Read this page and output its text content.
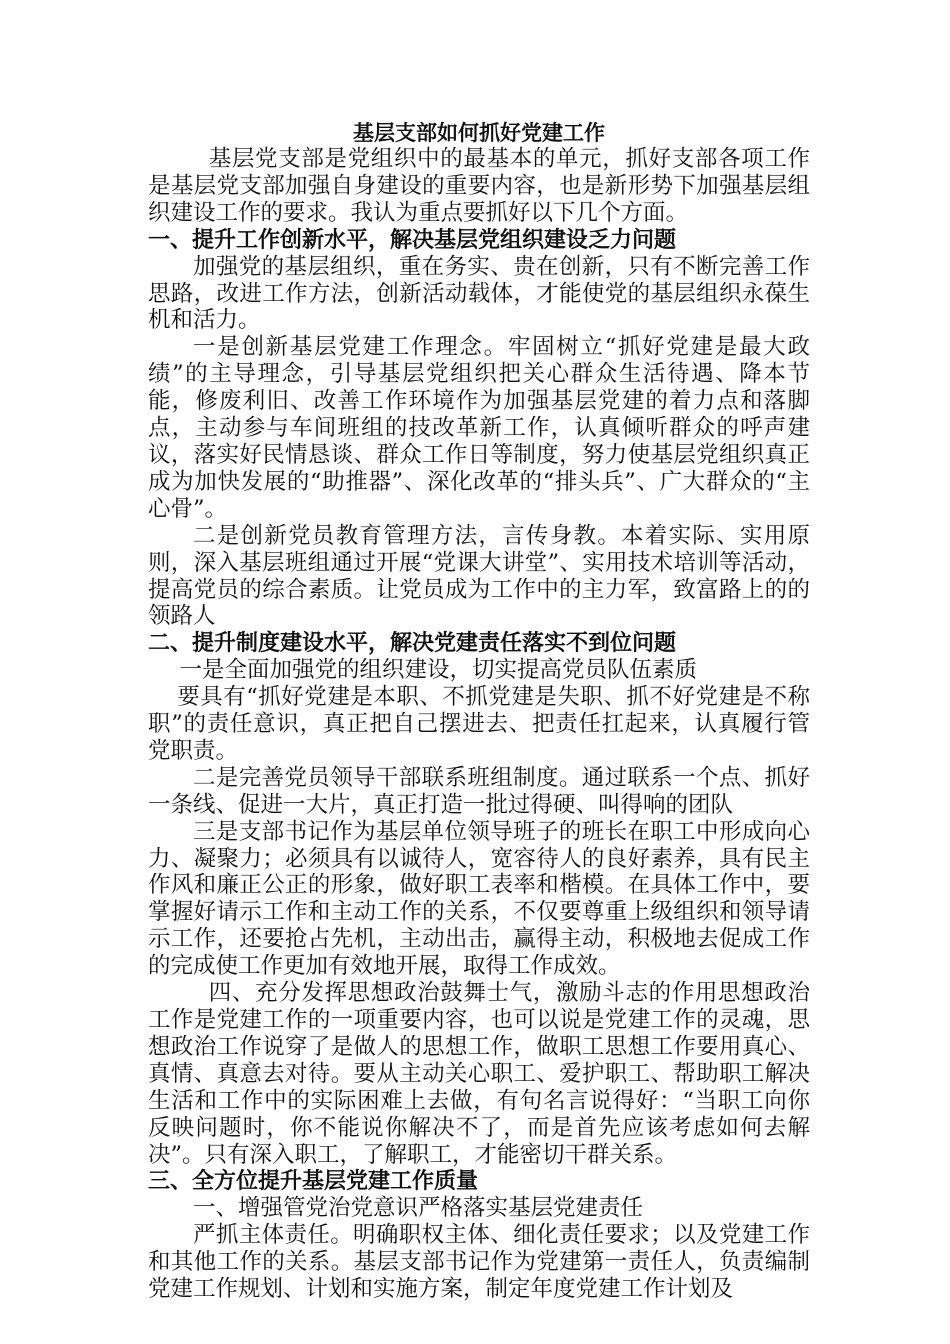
基层支部如何抓好党建工作

基层党支部是党组织中的最基本的单元，抓好支部各项工作是基层党支部加强自身建设的重要内容，也是新形势下加强基层组织建设工作的要求。我认为重点要抓好以下几个方面。

一、提升工作创新水平，解决基层党组织建设乏力问题

加强党的基层组织，重在务实、贵在创新，只有不断完善工作思路，改进工作方法，创新活动载体，才能使党的基层组织永葆生机和活力。

一是创新基层党建工作理念。牢固树立“抓好党建是最大政绩”的主导理念，引导基层党组织把关心群众生活待遇、降本节能，修废利旧、改善工作环境作为加强基层党建的着力点和落脚点，主动参与车间班组的技改革新工作，认真倾听群众的呼声建议，落实好民情恳谈、群众工作日等制度，努力使基层党组织真正成为加快发展的“助推器”、深化改革的“排头兵”、广大群众的“主心骨”。

二是创新党员教育管理方法，言传身教。本着实际、实用原则，深入基层班组通过开展“党课大讲堂”、实用技术培训等活动，提高党员的综合素质。让党员成为工作中的主力军，致富路上的的领路人

二、提升制度建设水平，解决党建责任落实不到位问题

一是全面加强党的组织建设，切实提高党员队伍素质

要具有“抓好党建是本职、不抓党建是失职、抓不好党建是不称职”的责任意识，真正把自己摆进去、把责任扛起来，认真履行管党职责。

二是完善党员领导干部联系班组制度。通过联系一个点、抓好一条线、促进一大片，真正打造一批过得硬、叫得响的团队

三是支部书记作为基层单位领导班子的班长在职工中形成向心力、凝聚力；必须具有以诚待人，宽容待人的良好素养，具有民主作风和廉正公正的形象，做好职工表率和楷模。在具体工作中，要掌握好请示工作和主动工作的关系，不仅要尊重上级组织和领导请示工作，还要抢占先机，主动出击，赢得主动，积极地去促成工作的完成使工作更加有效地开展，取得工作成效。

四、充分发挥思想政治鼓舞士气，激励斗志的作用思想政治工作是党建工作的一项重要内容，也可以说是党建工作的灵魂，思想政治工作说穿了是做人的思想工作，做职工思想工作要用真心、真情、真意去对待。要从主动关心职工、爱护职工、帮助职工解决生活和工作中的实际困难上去做，有句名言说得好：“当职工向你反映问题时，你不能说你解决不了，而是首先应该考虑如何去解决”。只有深入职工，了解职工，才能密切干群关系。

三、全方位提升基层党建工作质量

一、增强管党治党意识严格落实基层党建责任

严抓主体责任。明确职权主体、细化责任要求；以及党建工作和其他工作的关系。基层支部书记作为党建第一责任人，负责编制党建工作规划、计划和实施方案，制定年度党建工作计划及
